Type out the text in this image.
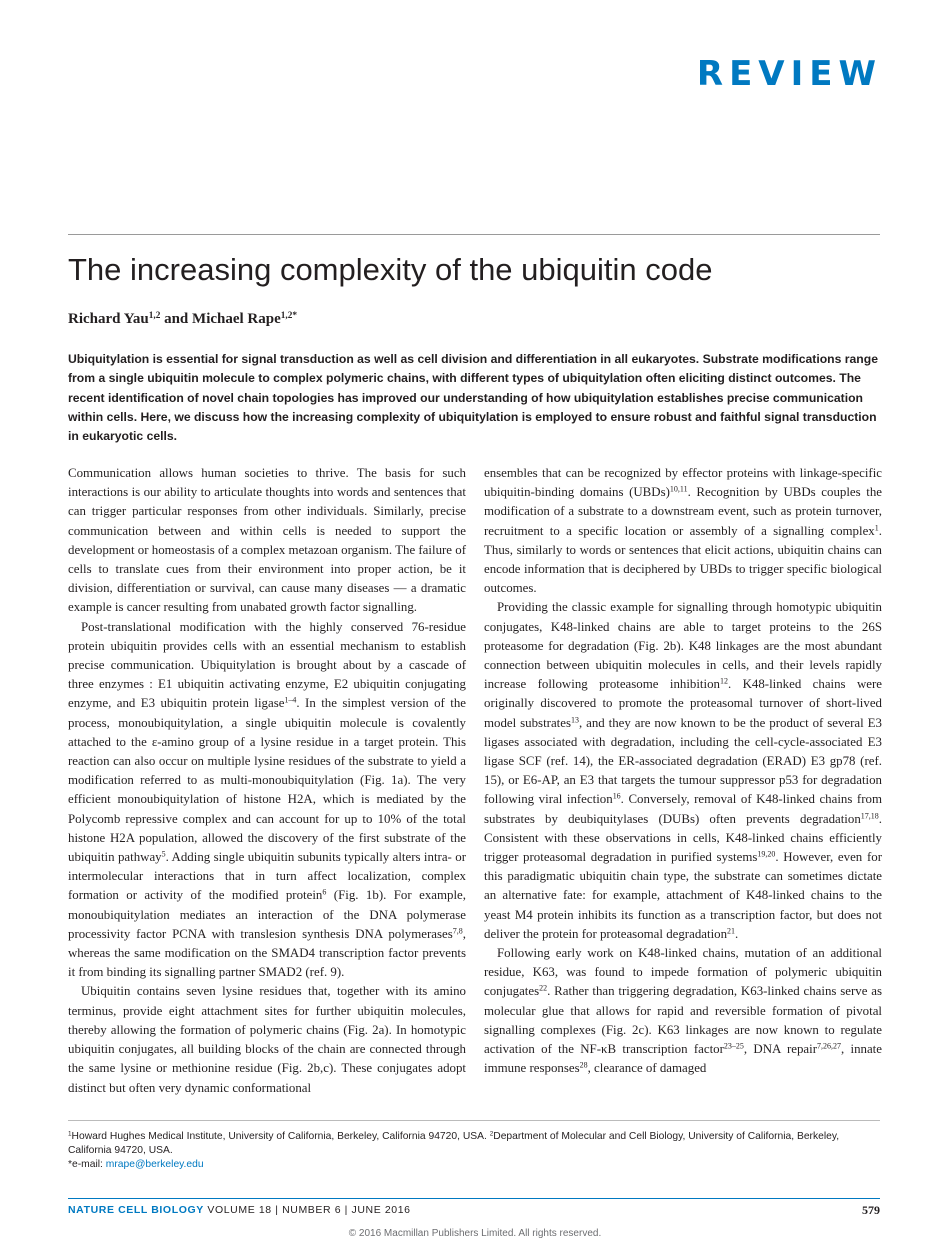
REVIEW
The increasing complexity of the ubiquitin code
Richard Yau$^{1,2}$ and Michael Rape$^{1,2*}$

Ubiquitylation is essential for signal transduction as well as cell division and differentiation in all eukaryotes. Substrate modifications range from a single ubiquitin molecule to complex polymeric chains, with different types of ubiquitylation often eliciting distinct outcomes. The recent identification of novel chain topologies has improved our understanding of how ubiquitylation establishes precise communication within cells. Here, we discuss how the increasing complexity of ubiquitylation is employed to ensure robust and faithful signal transduction in eukaryotic cells.

Communication allows human societies to thrive. The basis for such interactions is our ability to articulate thoughts into words and sentences that can trigger particular responses from other individuals. Similarly, precise communication between and within cells is needed to support the development or homeostasis of a complex metazoan organism. The failure of cells to translate cues from their environment into proper action, be it division, differentiation or survival, can cause many diseases — a dramatic example is cancer resulting from unabated growth factor signalling.

Post-translational modification with the highly conserved 76-residue protein ubiquitin provides cells with an essential mechanism to establish precise communication. Ubiquitylation is brought about by a cascade of three enzymes : E1 ubiquitin activating enzyme, E2 ubiquitin conjugating enzyme, and E3 ubiquitin protein ligase$^{1-4}$. In the simplest version of the process, monoubiquitylation, a single ubiquitin molecule is covalently attached to the ε-amino group of a lysine residue in a target protein. This reaction can also occur on multiple lysine residues of the substrate to yield a modification referred to as multi-monoubiquitylation (Fig. 1a). The very efficient monoubiquitylation of histone H2A, which is mediated by the Polycomb repressive complex and can account for up to 10% of the total histone H2A population, allowed the discovery of the first substrate of the ubiquitin pathway$^5$. Adding single ubiquitin subunits typically alters intra- or intermolecular interactions that in turn affect localization, complex formation or activity of the modified protein$^6$ (Fig. 1b). For example, monoubiquitylation mediates an interaction of the DNA polymerase processivity factor PCNA with translesion synthesis DNA polymerases$^{7,8}$, whereas the same modification on the SMAD4 transcription factor prevents it from binding its signalling partner SMAD2 (ref. 9).

Ubiquitin contains seven lysine residues that, together with its amino terminus, provide eight attachment sites for further ubiquitin molecules, thereby allowing the formation of polymeric chains (Fig. 2a). In homotypic ubiquitin conjugates, all building blocks of the chain are connected through the same lysine or methionine residue (Fig. 2b,c). These conjugates adopt distinct but often very dynamic conformational

ensembles that can be recognized by effector proteins with linkage-specific ubiquitin-binding domains (UBDs)$^{10,11}$. Recognition by UBDs couples the modification of a substrate to a downstream event, such as protein turnover, recruitment to a specific location or assembly of a signalling complex$^1$. Thus, similarly to words or sentences that elicit actions, ubiquitin chains can encode information that is deciphered by UBDs to trigger specific biological outcomes.

Providing the classic example for signalling through homotypic ubiquitin conjugates, K48-linked chains are able to target proteins to the 26S proteasome for degradation (Fig. 2b). K48 linkages are the most abundant connection between ubiquitin molecules in cells, and their levels rapidly increase following proteasome inhibition$^{12}$. K48-linked chains were originally discovered to promote the proteasomal turnover of short-lived model substrates$^{13}$, and they are now known to be the product of several E3 ligases associated with degradation, including the cell-cycle-associated E3 ligase SCF (ref. 14), the ER-associated degradation (ERAD) E3 gp78 (ref. 15), or E6-AP, an E3 that targets the tumour suppressor p53 for degradation following viral infection$^{16}$. Conversely, removal of K48-linked chains from substrates by deubiquitylases (DUBs) often prevents degradation$^{17,18}$. Consistent with these observations in cells, K48-linked chains efficiently trigger proteasomal degradation in purified systems$^{19,20}$. However, even for this paradigmatic ubiquitin chain type, the substrate can sometimes dictate an alternative fate: for example, attachment of K48-linked chains to the yeast M4 protein inhibits its function as a transcription factor, but does not deliver the protein for proteasomal degradation$^{21}$.

Following early work on K48-linked chains, mutation of an additional residue, K63, was found to impede formation of polymeric ubiquitin conjugates$^{22}$. Rather than triggering degradation, K63-linked chains serve as molecular glue that allows for rapid and reversible formation of pivotal signalling complexes (Fig. 2c). K63 linkages are now known to regulate activation of the NF-κB transcription factor$^{23-25}$, DNA repair$^{7,26,27}$, innate immune responses$^{28}$, clearance of damaged

$^1$Howard Hughes Medical Institute, University of California, Berkeley, California 94720, USA. $^2$Department of Molecular and Cell Biology, University of California, Berkeley, California 94720, USA.
*e-mail: mrape@berkeley.edu

NATURE CELL BIOLOGY VOLUME 18 | NUMBER 6 | JUNE 2016	579
© 2016 Macmillan Publishers Limited. All rights reserved.
